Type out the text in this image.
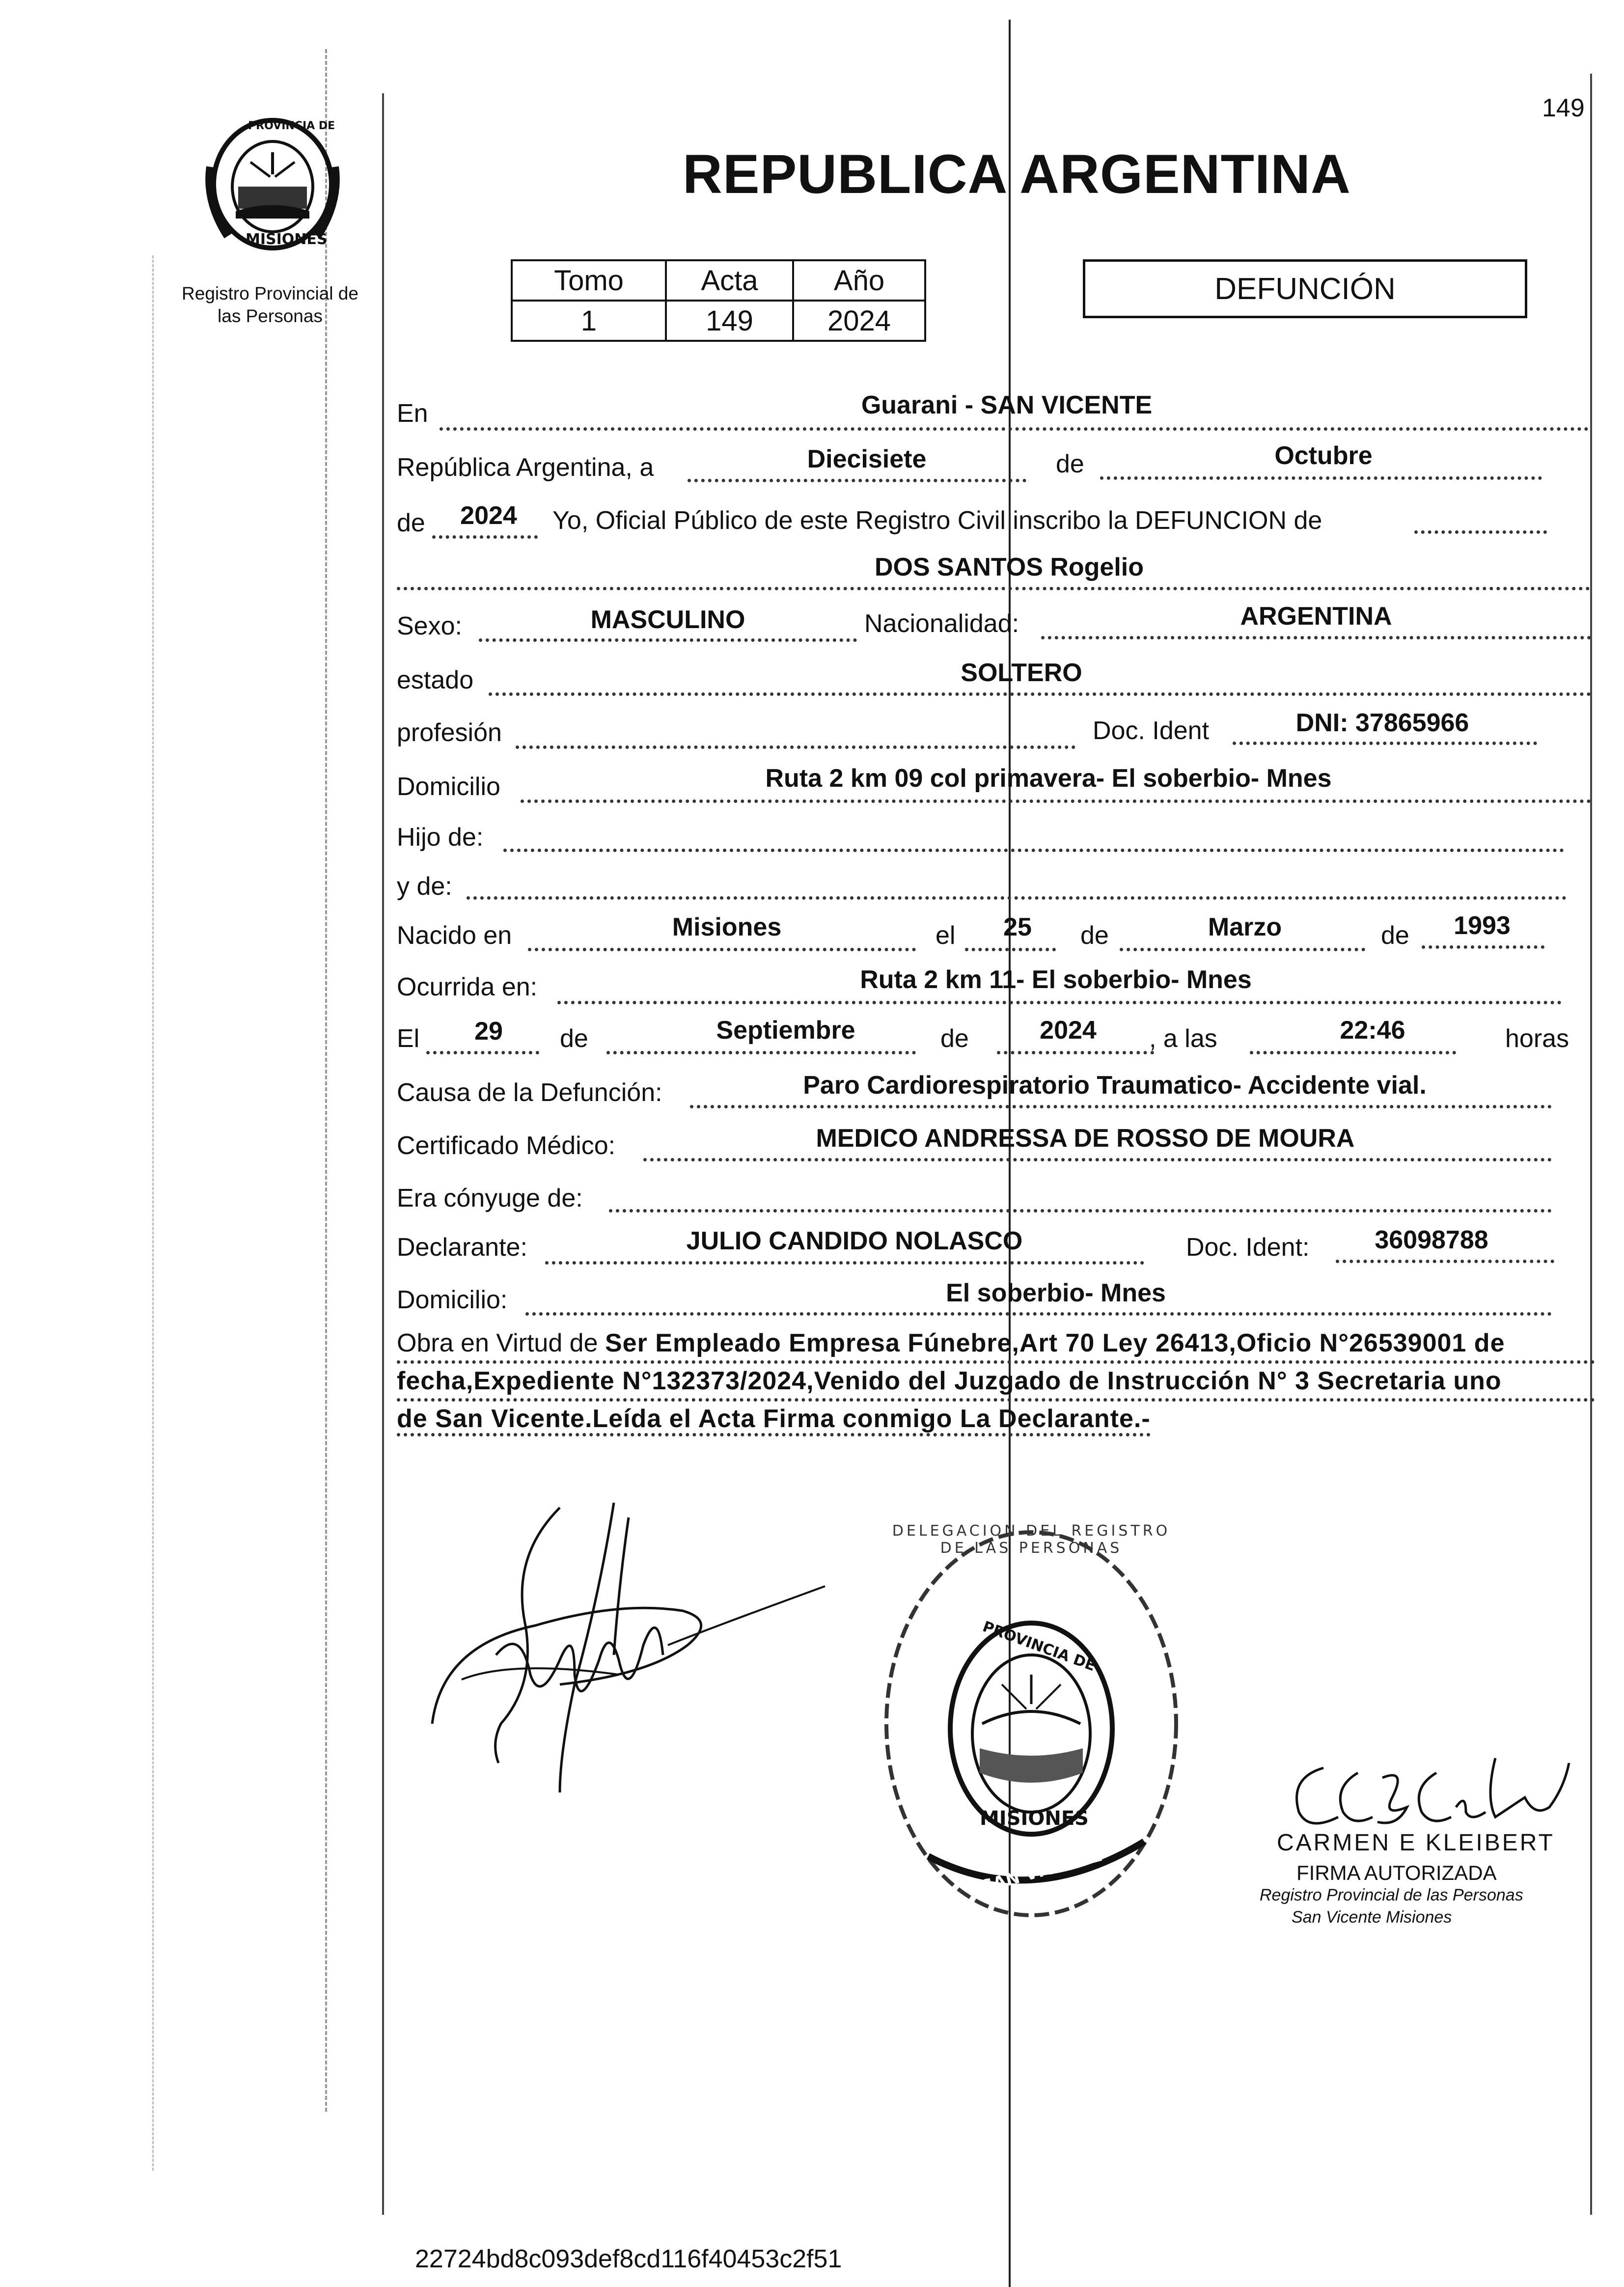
149
PROVINCIA DE
MISIONES
Registro Provincial de
las Personas
REPUBLICA ARGENTINA
Tomo	Acta	Año
1	149	2024
DEFUNCIÓN
En	Guarani - SAN VICENTE
República Argentina, a	Diecisiete	de	Octubre
de 2024 Yo, Oficial Público de este Registro Civil inscribo la DEFUNCION de
DOS SANTOS Rogelio
Sexo:	MASCULINO	Nacionalidad:	ARGENTINA
estado	SOLTERO
profesión	Doc. Ident	DNI: 37865966
Domicilio	Ruta 2 km 09 col primavera- El soberbio- Mnes
Hijo de:
y de:
Nacido en	Misiones	el 25 de	Marzo	de 1993
Ocurrida en:	Ruta 2 km 11- El soberbio- Mnes
El 29 de	Septiembre	de	2024 , a las	22:46	horas
Causa de la Defunción:	Paro Cardiorespiratorio Traumatico- Accidente vial.
Certificado Médico:	MEDICO ANDRESSA DE ROSSO DE MOURA
Era cónyuge de:
Declarante:	JULIO CANDIDO NOLASCO	Doc. Ident:	36098788
Domicilio:	El soberbio- Mnes
Obra en Virtud de Ser Empleado Empresa Fúnebre,Art 70 Ley 26413,Oficio N°26539001 de
fecha,Expediente N°132373/2024,Venido del Juzgado de Instrucción N° 3 Secretaria uno
de San Vicente.Leída el Acta Firma conmigo La Declarante.-
PROVINCIA DE
MISIONES
SAN VICENTE
DELEGACION DEL REGISTRO DE LAS PERSONAS
CARMEN E KLEIBERT
FIRMA AUTORIZADA
Registro Provincial de las Personas
San Vicente Misiones
22724bd8c093def8cd116f40453c2f51
